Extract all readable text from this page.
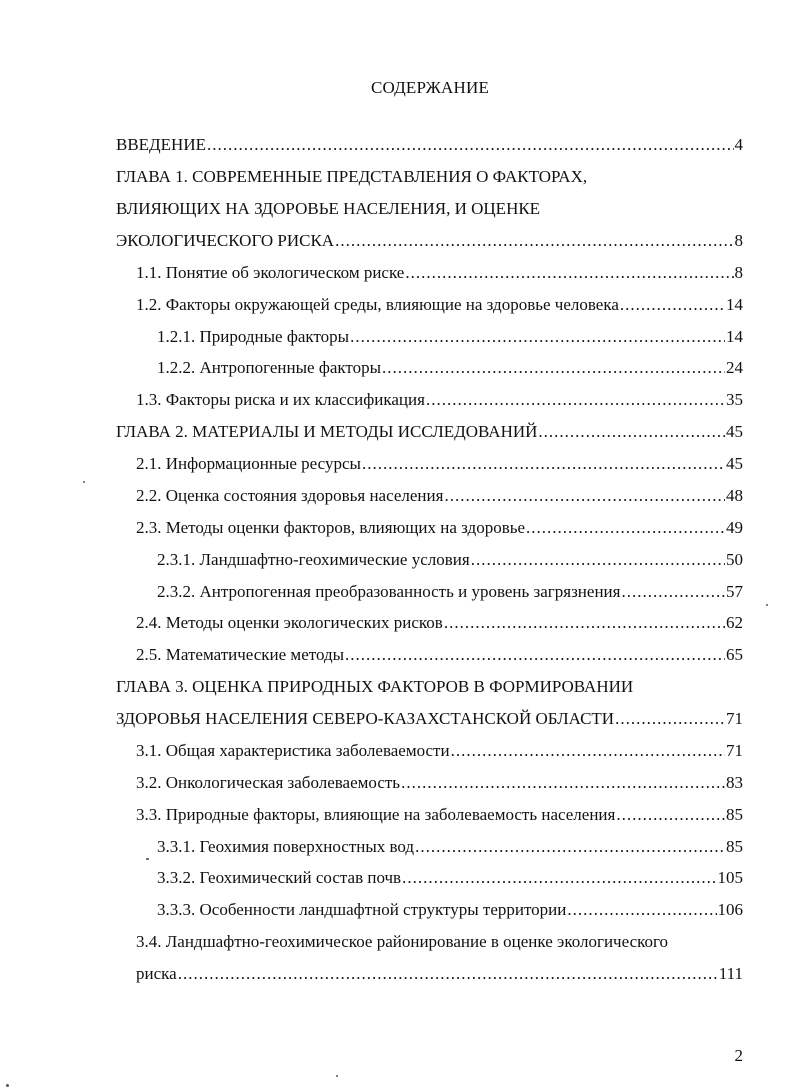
СОДЕРЖАНИЕ
ВВЕДЕНИЕ .....	4
ГЛАВА 1. СОВРЕМЕННЫЕ ПРЕДСТАВЛЕНИЯ О ФАКТОРАХ,
ВЛИЯЮЩИХ НА ЗДОРОВЬЕ НАСЕЛЕНИЯ, И ОЦЕНКЕ
ЭКОЛОГИЧЕСКОГО РИСКА .....	8
1.1. Понятие об экологическом риске .....	8
1.2. Факторы окружающей среды, влияющие на здоровье человека .....	14
1.2.1. Природные факторы .....	14
1.2.2. Антропогенные факторы .....	24
1.3. Факторы риска и их классификация .....	35
ГЛАВА 2. МАТЕРИАЛЫ И МЕТОДЫ ИССЛЕДОВАНИЙ .....	45
2.1. Информационные ресурсы .....	45
2.2. Оценка состояния здоровья населения .....	48
2.3. Методы оценки факторов, влияющих на здоровье .....	49
2.3.1. Ландшафтно-геохимические условия .....	50
2.3.2. Антропогенная преобразованность и уровень загрязнения .....	57
2.4. Методы оценки экологических рисков .....	62
2.5. Математические методы .....	65
ГЛАВА 3. ОЦЕНКА ПРИРОДНЫХ ФАКТОРОВ В ФОРМИРОВАНИИ
ЗДОРОВЬЯ НАСЕЛЕНИЯ СЕВЕРО-КАЗАХСТАНСКОЙ ОБЛАСТИ .....	71
3.1. Общая характеристика заболеваемости .....	71
3.2. Онкологическая заболеваемость .....	83
3.3. Природные факторы, влияющие на заболеваемость населения .....	85
3.3.1. Геохимия поверхностных вод .....	85
3.3.2. Геохимический состав почв .....	105
3.3.3. Особенности ландшафтной структуры территории .....	106
3.4. Ландшафтно-геохимическое районирование в оценке экологического
риска .....	111
2
